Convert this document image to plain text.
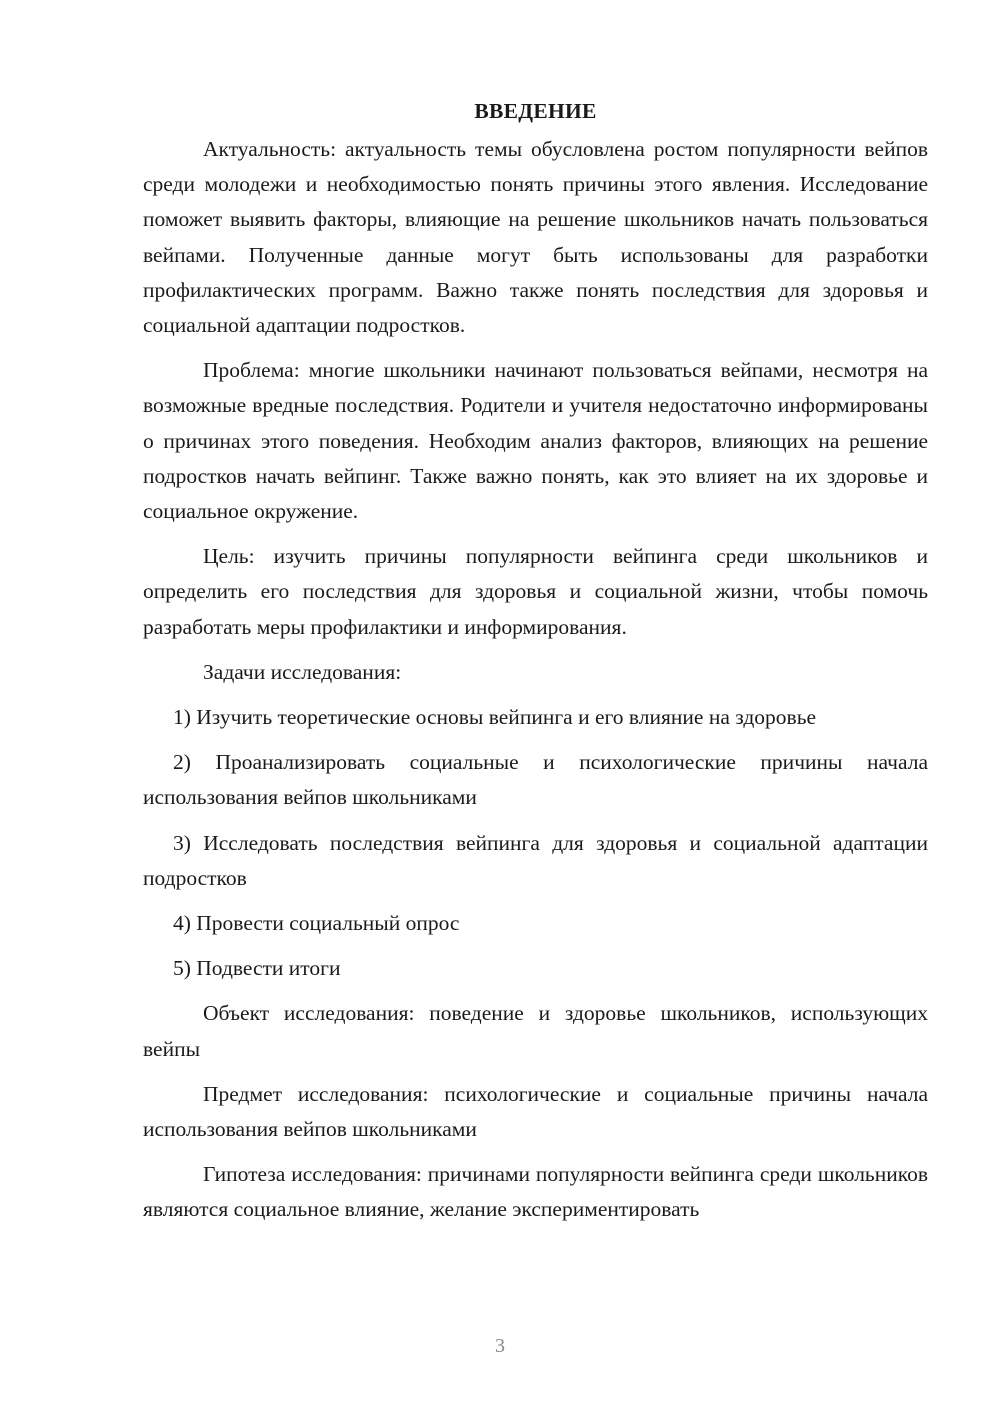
ВВЕДЕНИЕ

Актуальность: актуальность темы обусловлена ростом популярности вейпов среди молодежи и необходимостью понять причины этого явления. Исследование поможет выявить факторы, влияющие на решение школьников начать пользоваться вейпами. Полученные данные могут быть использованы для разработки профилактических программ. Важно также понять последствия для здоровья и социальной адаптации подростков.

Проблема: многие школьники начинают пользоваться вейпами, несмотря на возможные вредные последствия. Родители и учителя недостаточно информированы о причинах этого поведения. Необходим анализ факторов, влияющих на решение подростков начать вейпинг. Также важно понять, как это влияет на их здоровье и социальное окружение.

Цель: изучить причины популярности вейпинга среди школьников и определить его последствия для здоровья и социальной жизни, чтобы помочь разработать меры профилактики и информирования.

Задачи исследования:

1) Изучить теоретические основы вейпинга и его влияние на здоровье
2) Проанализировать социальные и психологические причины начала использования вейпов школьниками
3) Исследовать последствия вейпинга для здоровья и социальной адаптации подростков
4) Провести социальный опрос
5) Подвести итоги

Объект исследования: поведение и здоровье школьников, использующих вейпы

Предмет исследования: психологические и социальные причины начала использования вейпов школьниками

Гипотеза исследования: причинами популярности вейпинга среди школьников являются социальное влияние, желание экспериментировать

3
